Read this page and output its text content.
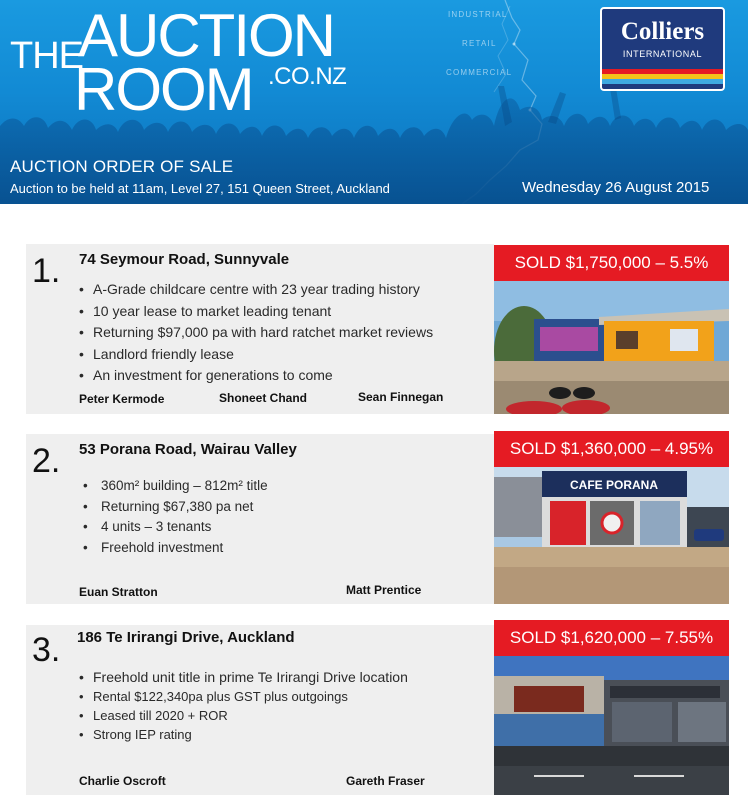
INDUSTRIAL
RETAIL
COMMERCIAL
THE
AUCTION
ROOM .CO.NZ
Colliers
INTERNATIONAL
AUCTION ORDER OF SALE
Auction to be held at 11am, Level 27, 151 Queen Street, Auckland	Wednesday 26 August 2015
1. 74 Seymour Road, Sunnyvale
• A-Grade childcare centre with 23 year trading history
• 10 year lease to market leading tenant
• Returning $97,000 pa with hard ratchet market reviews
• Landlord friendly lease
• An investment for generations to come
Peter Kermode	Shoneet Chand	Sean Finnegan
SOLD $1,750,000 – 5.5%
2. 53 Porana Road, Wairau Valley
• 360m² building – 812m² title
• Returning $67,380 pa net
• 4 units – 3 tenants
• Freehold investment
Euan Stratton	Matt Prentice
SOLD $1,360,000 – 4.95%
CAFE PORANA
3. 186 Te Irirangi Drive, Auckland
• Freehold unit title in prime Te Irirangi Drive location
• Rental $122,340pa plus GST plus outgoings
• Leased till 2020 + ROR
• Strong IEP rating
Charlie Oscroft	Gareth Fraser
SOLD $1,620,000 – 7.55%
